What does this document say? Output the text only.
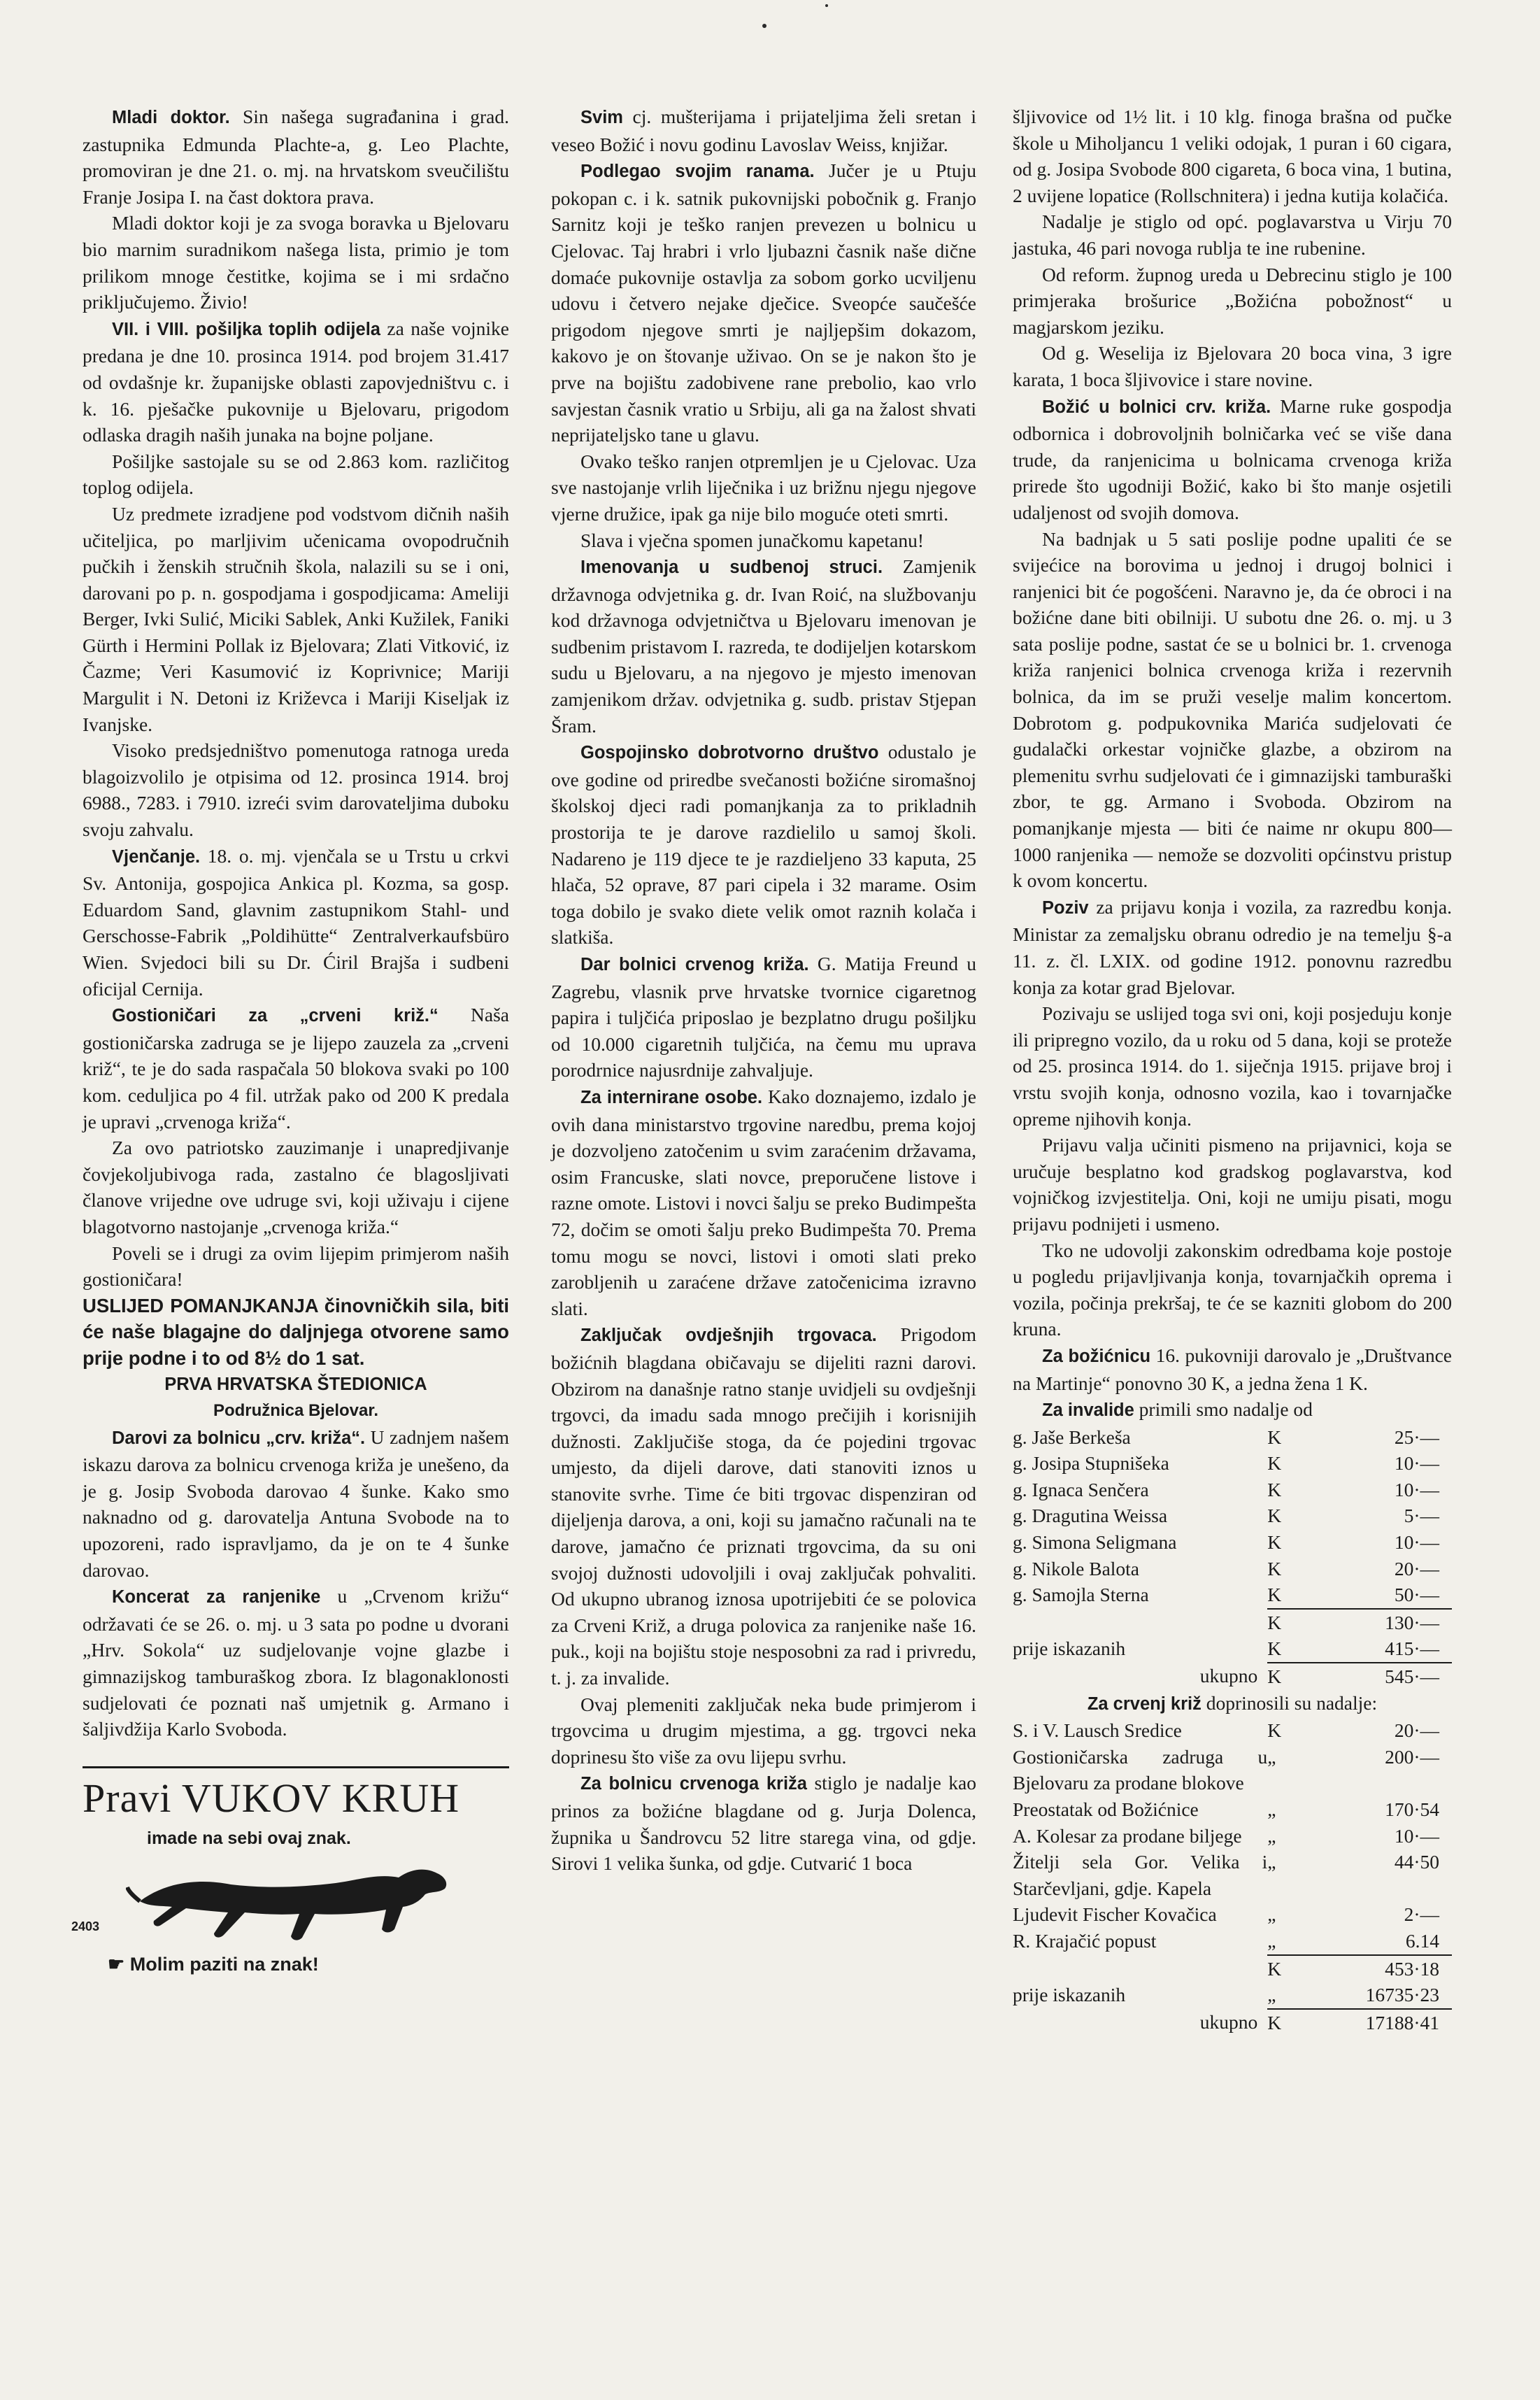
Mladi doktor. Sin našega sugrađanina i grad. zastupnika Edmunda Plachte-a, g. Leo Plachte, promoviran je dne 21. o. mj. na hrvatskom sveučilištu Franje Josipa I. na čast doktora prava.

Mladi doktor koji je za svoga boravka u Bjelovaru bio marnim suradnikom našega lista, primio je tom prilikom mnoge čestitke, kojima se i mi srdačno priključujemo. Živio!

VII. i VIII. pošiljka toplih odijela za naše vojnike predana je dne 10. prosinca 1914. pod brojem 31.417 od ovdašnje kr. županijske oblasti zapovjedništvu c. i k. 16. pješačke pukovnije u Bjelovaru, prigodom odlaska dragih naših junaka na bojne poljane.

Pošiljke sastojale su se od 2.863 kom. različitog toplog odijela.

Uz predmete izradjene pod vodstvom dičnih naših učiteljica, po marljivim učenicama ovopodručnih pučkih i ženskih stručnih škola, nalazili su se i oni, darovani po p. n. gospodjama i gospodjicama: Ameliji Berger, Ivki Sulić, Miciki Sablek, Anki Kužilek, Faniki Gürth i Hermini Pollak iz Bjelovara; Zlati Vitković, iz Čazme; Veri Kasumović iz Koprivnice; Mariji Margulit i N. Detoni iz Križevca i Mariji Kiseljak iz Ivanjske.

Visoko predsjedništvo pomenutoga ratnoga ureda blagoizvolilo je otpisima od 12. prosinca 1914. broj 6988., 7283. i 7910. izreći svim darovateljima duboku svoju zahvalu.

Vjenčanje. 18. o. mj. vjenčala se u Trstu u crkvi Sv. Antonija, gospojica Ankica pl. Kozma, sa gosp. Eduardom Sand, glavnim zastupnikom Stahl- und Gerschosse-Fabrik „Poldihütte“ Zentralverkaufsbüro Wien. Svjedoci bili su Dr. Ćiril Brajša i sudbeni oficijal Cernija.

Gostioničari za „crveni križ.“ Našа gostioničarska zadruga se je lijepo zauzela za „crveni križ“, te je do sada raspačala 50 blokova svaki po 100 kom. ceduljica po 4 fil. utržak pako od 200 K predala je upravi „crvenoga križa“.

Za ovo patriotsko zauzimanje i unapredjivanje čovjekoljubivoga rada, zastalno će blagosljivati članove vrijedne ove udruge svi, koji uživaju i cijene blagotvorno nastojanje „crvenoga križa.“

Poveli se i drugi za ovim lijepim primjerom naših gostioničara!

USLIJED POMANJKANJA činovničkih sila, biti će naše blagajne do daljnjega otvorene samo prije podne i to od 8½ do 1 sat.

PRVA HRVATSKA ŠTEDIONICA

Podružnica Bjelovar.

Darovi za bolnicu „crv. križa“. U zadnjem našem iskazu darova za bolnicu crvenoga križa je unešeno, da je g. Josip Svoboda darovao 4 šunke. Kako smo naknadno od g. darovatelja Antuna Svobode na to upozoreni, rado ispravljamo, da je on te 4 šunke darovao.

Koncerat za ranjenike u „Crvenom križu“ održavati će se 26. o. mj. u 3 sata po podne u dvorani „Hrv. Sokola“ uz sudjelovanje vojne glazbe i gimnazijskog tamburaškog zbora. Iz blagonaklonosti sudjelovati će poznati naš umjetnik g. Armano i šaljivdžija Karlo Svoboda.

Pravi VUKOV KRUH
imade na sebi ovaj znak.
2403
☛ Molim paziti na znak!

Svim cj. mušterijama i prijateljima želi sretan i veseo Božić i novu godinu Lavoslav Weiss, knjižar.

Podlegao svojim ranama. Jučer je u Ptuju pokopan c. i k. satnik pukovnijski pobočnik g. Franjo Sarnitz koji je teško ranjen prevezen u bolnicu u Cjelovac. Taj hrabri i vrlo ljubazni časnik naše dične domaće pukovnije ostavlja za sobom gorko ucviljenu udovu i četvero nejake dječice. Sveopće saučešće prigodom njegove smrti je najljepšim dokazom, kakovo je on štovanje uživao. On se je nakon što je prve na bojištu zadobivene rane prebolio, kao vrlo savjestan časnik vratio u Srbiju, ali ga na žalost shvati neprijateljsko tane u glavu.

Ovako teško ranjen otpremljen je u Cjelovac. Uza sve nastojanje vrlih liječnika i uz brižnu njegu njegove vjerne družice, ipak ga nije bilo moguće oteti smrti.

Slava i vječna spomen junačkomu kapetanu!

Imenovanja u sudbenoj struci. Zamjenik državnoga odvjetnika g. dr. Ivan Roić, na službovanju kod državnoga odvjetničtva u Bjelovaru imenovan je sudbenim pristavom I. razreda, te dodijeljen kotarskom sudu u Bjelovaru, a na njegovo je mjesto imenovan zamjenikom držav. odvjetnika g. sudb. pristav Stjepan Šram.

Gospojinsko dobrotvorno društvo odustalo je ove godine od priredbe svečanosti božićne siromašnoj školskoj djeci radi pomanjkanja za to prikladnih prostorija te je darove razdielilo u samoj školi. Nadareno je 119 djece te je razdieljeno 33 kaputa, 25 hlača, 52 oprave, 87 pari cipela i 32 marame. Osim toga dobilo je svako diete velik omot raznih kolača i slatkiša.

Dar bolnici crvenog križa. G. Matija Freund u Zagrebu, vlasnik prve hrvatske tvornice cigaretnog papira i tuljčića priposlao je bezplatno drugu pošiljku od 10.000 cigaretnih tuljčića, na čemu mu upravа porodrnice najusrdnije zahvaljuje.

Za internirane osobe. Kako doznajemo, izdalo je ovih dana ministarstvo trgovine naredbu, prema kojoj je dozvoljeno zatočenim u svim zaraćenim državama, osim Francuske, slati novce, preporučene listove i razne omote. Listovi i novci šalju se preko Budimpešta 72, dočim se omoti šalju preko Budimpešta 70. Prema tomu mogu se novci, listovi i omoti slati preko zarobljenih u zaraćene države zatočenicima izravno slati.

Zaključak ovdješnjih trgovaca. Prigodom božićnih blagdana običavaju se dijeliti razni darovi. Obzirom na današnje ratno stanje uvidjeli su ovdješnji trgovci, da imadu sada mnogo prečijih i korisnijih dužnosti. Zaključiše stoga, da će pojedini trgovac umjesto, da dijeli darove, dati stanoviti iznos u stanovite svrhe. Time će biti trgovac dispenziran od dijeljenja darova, a oni, koji su jamačno računali na te darove, jamačno će priznati trgovcima, da su oni svojoj dužnosti udovoljili i ovaj zaključak pohvaliti. Od ukupno ubranog iznosa upotrijebiti će se polovica za Crveni Križ, a druga polovica za ranjenike naše 16. puk., koji na bojištu stoje nesposobni za rad i privredu, t. j. za invalide.

Ovaj plemeniti zaključak neka bude primjerom i trgovcima u drugim mjestima, a gg. trgovci neka doprinesu što više za ovu lijepu svrhu.

Za bolnicu crvenoga križa stiglo je nadalje kao prinos za božićne blagdane od g. Jurja Dolenca, župnika u Šandrovcu 52 litre starega vina, od gdje. Sirovi 1 velika šunka, od gdje. Cutvarić 1 boca

šljivovice od 1½ lit. i 10 klg. finoga brašna od pučke škole u Miholjancu 1 veliki odojak, 1 puran i 60 cigara, od g. Josipa Svobode 800 cigareta, 6 boca vina, 1 butina, 2 uvijene lopatice (Rollschnitera) i jedna kutija kolačića.

Nadalje je stiglo od opć. poglavarstva u Virju 70 jastuka, 46 pari novoga rublja te ine rubenine.

Od reform. župnog ureda u Debrecinu stiglo je 100 primjeraka brošurice „Božićna pobožnost“ u magjarskom jeziku.

Od g. Weselija iz Bjelovara 20 boca vina, 3 igre karata, 1 boca šljivovice i stare novine.

Božić u bolnici crv. križa. Marne ruke gospodja odbornica i dobrovoljnih bolničarka već se više dana trude, da ranjenicima u bolnicama crvenoga križa prirede što ugodniji Božić, kako bi što manje osjetili udaljenost od svojih domova.

Na badnjak u 5 sati poslije podne upaliti će se svijećice na borovima u jednoj i drugoj bolnici i ranjenici bit će pogošćeni. Naravno je, da će obroci i na božićne dane biti obilniji. U subotu dne 26. o. mj. u 3 sata poslije podne, sastat će se u bolnici br. 1. crvenoga križa ranjenici bolnica crvenoga križa i rezervnih bolnica, da im se pruži veselje malim koncertom. Dobrotom g. podpukovnika Marića sudjelovati će gudalački orkestar vojničke glazbe, a obzirom na plemenitu svrhu sudjelovati će i gimnazijski tamburaški zbor, te gg. Armano i Svoboda. Obzirom na pomanjkanje mjesta — biti će naime nr okupu 800—1000 ranjenika — nemože se dozvoliti općinstvu pristup k ovom koncertu.

Poziv za prijavu konja i vozila, za razredbu konja. Ministar za zemaljsku obranu odredio je na temelju §-a 11. z. čl. LXIX. od godine 1912. ponovnu razredbu konja za kotar grad Bjelovar.

Pozivaju se uslijed toga svi oni, koji posjeduju konje ili pripregno vozilo, da u roku od 5 dana, koji se proteže od 25. prosinca 1914. do 1. siječnja 1915. prijave broj i vrstu svojih konja, odnosno vozila, kao i tovarnjačke opreme njihovih konja.

Prijavu valja učiniti pismeno na prijavnici, koja se uručuje besplatno kod gradskog poglavarstva, kod vojničkog izvjestitelja. Oni, koji ne umiju pisati, mogu prijavu podnijeti i usmeno.

Tko ne udovolji zakonskim odredbama koje postoje u pogledu prijavljivanja konja, tovarnjačkih oprema i vozila, počinja prekršaj, te će se kazniti globom do 200 kruna.

Za božićnicu 16. pukovniji darovalo je „Društvance na Martinje“ ponovno 30 K, a jedna žena 1 K.

Za invalide primili smo nadalje od

g. Jaše Berkeša	K	25·—
g. Josipa Stupnišeka	K	10·—
g. Ignaca Senčera	K	10·—
g. Dragutina Weissa	K	5·—
g. Simona Seligmana	K	10·—
g. Nikole Balota	K	20·—
g. Samojla Sterna	K	50·—
	K	130·—
prije iskazanih	K	415·—
ukupno	K	545·—

Za crvenj križ doprinosili su nadalje:

S. i V. Lausch Sredice	K	20·—
Gostioničarska zadruga u Bjelovaru za prodane blokove	„	200·—
Preostatak od Božićnice	„	170·54
A. Kolesar za prodane biljege	„	10·—
Žitelji sela Gor. Velika i Starčevljani, gdje. Kapela	„	44·50
Ljudevit Fischer Kovačica	„	2·—
R. Krajačić popust	„	6.14
	K	453·18
prije iskazanih	„	16735·23
ukupno	K	17188·41
